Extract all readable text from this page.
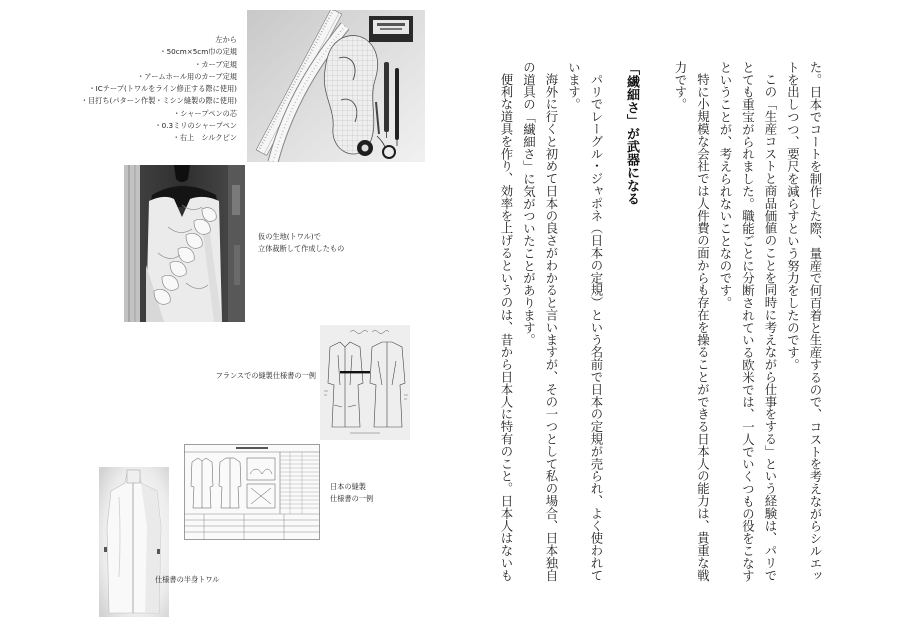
左から
・50cm×5cm巾の定規
・カーブ定規
・アームホール用のカーブ定規
・ICテープ(トワルをライン修正する際に使用)
・目打ち(パターン作製・ミシン縫製の際に使用)
・シャープペンの芯
・0.3ミリのシャープペン
・右上　シルクピン
仮の生地(トワル)で
立体裁断して作成したもの
フランスでの縫製仕様書の一例
日本の縫製
仕様書の一例
仕様書の半身トワル	た。日本でコートを制作した際、量産で何百着と生産するので、コストを考えながらシルエッ
トを出しつつ、要尺を減らすという努力をしたのです。
この「生産コストと商品価値のことを同時に考えながら仕事をする」という経験は、パリで
とても重宝がられました。職能ごとに分断されている欧米では、一人でいくつもの役をこなす
ということが、考えられないことなのです。
特に小規模な会社では人件費の面からも存在を操ることができる日本人の能力は、貴重な戦
力です。
「繊細さ」が武器になる
パリでレーグル・ジャポネ（日本の定規）という名前で日本の定規が売られ、よく使われて
います。
海外に行くと初めて日本の良さがわかると言いますが、その一つとして私の場合、日本独自
の道具の「繊細さ」に気がついたことがあります。
便利な道具を作り、効率を上げるというのは、昔から日本人に特有のこと。日本人はないも
